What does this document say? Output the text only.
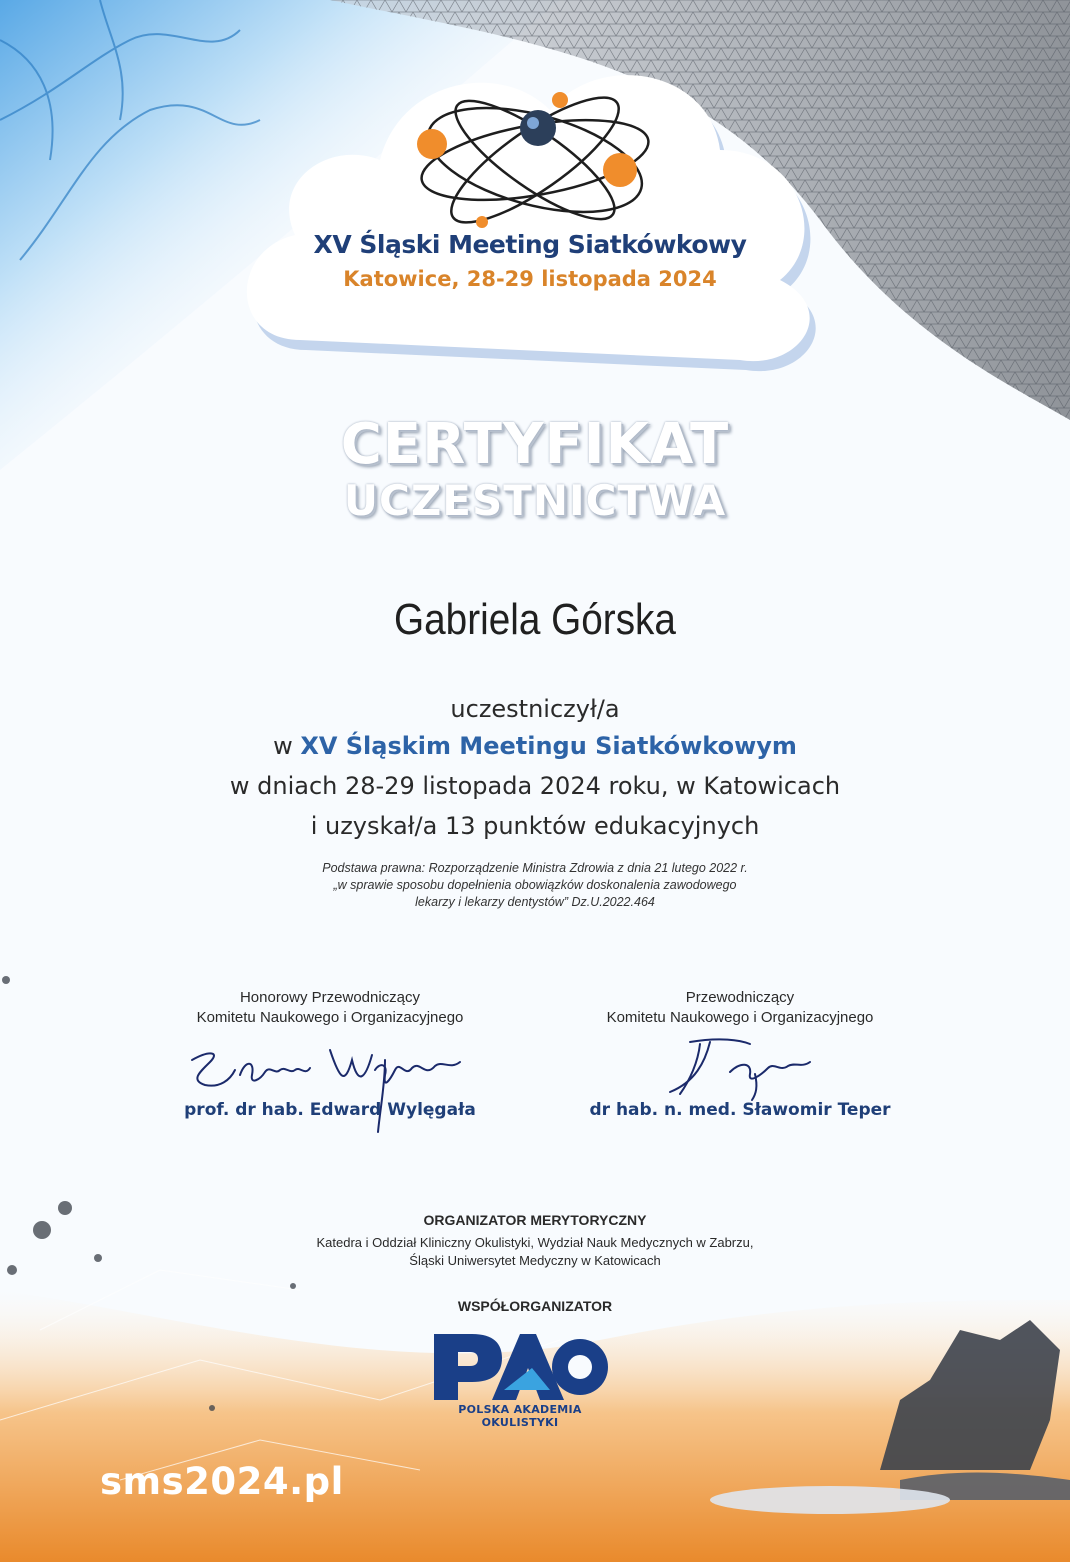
XV Śląski Meeting Siatkówkowy
Katowice, 28-29 listopada 2024
CERTYFIKAT
UCZESTNICTWA
Gabriela Górska
uczestniczył/a
w XV Śląskim Meetingu Siatkówkowym
w dniach 28-29 listopada 2024 roku, w Katowicach
i uzyskał/a 13 punktów edukacyjnych
Podstawa prawna: Rozporządzenie Ministra Zdrowia z dnia 21 lutego 2022 r.
„w sprawie sposobu dopełnienia obowiązków doskonalenia zawodowego
lekarzy i lekarzy dentystów” Dz.U.2022.464
Honorowy Przewodniczący
Komitetu Naukowego i Organizacyjnego
prof. dr hab. Edward Wylęgała
Przewodniczący
Komitetu Naukowego i Organizacyjnego
dr hab. n. med. Sławomir Teper
ORGANIZATOR MERYTORYCZNY
Katedra i Oddział Kliniczny Okulistyki, Wydział Nauk Medycznych w Zabrzu,
Śląski Uniwersytet Medyczny w Katowicach
WSPÓŁORGANIZATOR
POLSKA AKADEMIA OKULISTYKI
sms2024.pl
